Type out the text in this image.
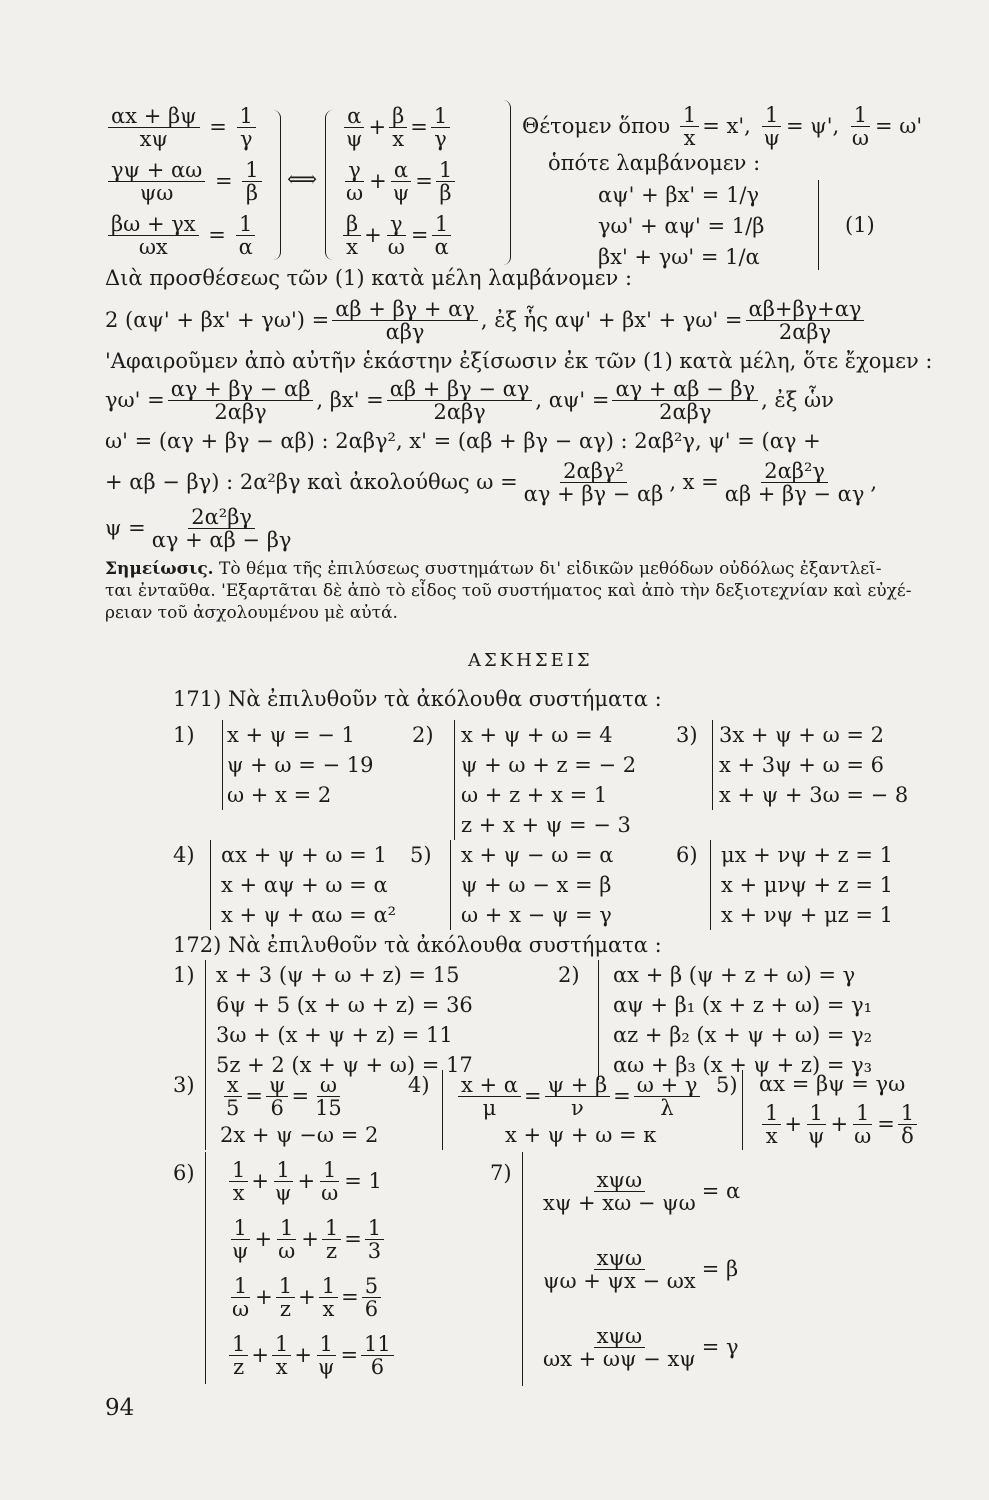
$\frac{\alpha x + \beta\psi}{x\psi} = \frac{1}{\gamma}$
$\frac{\gamma\psi + \alpha\omega}{\psi\omega} = \frac{1}{\beta}$
$\frac{\beta\omega + \gamma x}{\omega x} = \frac{1}{\alpha}$
⟺
$\frac{\alpha}{\psi} + \frac{\beta}{x} = \frac{1}{\gamma}$
$\frac{\gamma}{\omega} + \frac{\alpha}{\psi} = \frac{1}{\beta}$
$\frac{\beta}{x} + \frac{\gamma}{\omega} = \frac{1}{\alpha}$
Θέτομεν ὅπου
$\frac{1}{x} = x'$,
$\frac{1}{\psi} = \psi'$,
$\frac{1}{\omega} = \omega'$
ὁπότε λαμβάνομεν :
αψ' + βx' = 1/γ
γω' + αψ' = 1/β
βx' + γω' = 1/α
(1)
Διὰ προσθέσεως τῶν (1) κατὰ μέλη λαμβάνομεν :
2 $(\alpha\psi' + \beta x' + \gamma\omega') = \frac{\alpha\beta + \beta\gamma + \alpha\gamma}{\text{αβγ}}$ , ἐξ ἧς $\alpha\psi' + \beta x' + \gamma\omega' = \frac{\alpha\beta+\beta\gamma+\alpha\gamma}{\text{2αβγ}}$
'Αφαιροῦμεν ἀπὸ αὐτῆν ἑκάστην ἐξίσωσιν ἐκ τῶν (1) κατὰ μέλη, ὅτε ἔχομεν :
$\gamma\omega' = \frac{\alpha\gamma + \beta\gamma - \alpha\beta}{\text{2αβγ}}$ , $\beta x' = \frac{\alpha\beta + \beta\gamma - \alpha\gamma}{\text{2αβγ}}$ , $\alpha\psi' = \frac{\alpha\gamma + \alpha\beta - \beta\gamma}{\text{2αβγ}}$ , ἐξ ὧν
ω' = (αγ + βγ − αβ) : 2αβγ², x' = (αβ + βγ − αγ) : 2αβ²γ, ψ' = (αγ +
+ αβ − βγ) : 2α²βγ καὶ ἀκολούθως $\omega = \frac{\text{2αβγ²}}{\alpha\gamma + \beta\gamma - \alpha\beta}$ , $x = \frac{\text{2αβ²γ}}{\alpha\beta + \beta\gamma - \alpha\gamma}$ ,
$\psi = \frac{\text{2α²βγ}}{\alpha\gamma + \alpha\beta - \beta\gamma}$
Σημείωσις. Τὸ θέμα τῆς ἐπιλύσεως συστημάτων δι' εἰδικῶν μεθόδων οὐδόλως ἐξαντλεῖ-
ται ἐνταῦθα. 'Εξαρτᾶται δὲ ἀπὸ τὸ εἶδος τοῦ συστήματος καὶ ἀπὸ τὴν δεξιοτεχνίαν καὶ εὐχέ-
ρειαν τοῦ ἀσχολουμένου μὲ αὐτά.
ΑΣΚΗΣΕΙΣ
171) Νὰ ἐπιλυθοῦν τὰ ἀκόλουθα συστήματα :
1) x + ψ = − 1
ψ + ω = − 19
ω + x = 2
2) x + ψ + ω = 4
ψ + ω + z = − 2
ω + z + x = 1
z + x + ψ = − 3
3) 3x + ψ + ω = 2
x + 3ψ + ω = 6
x + ψ + 3ω = − 8
4) αx + ψ + ω = 1
x + αψ + ω = α
x + ψ + αω = α²
5) x + ψ − ω = α
ψ + ω − x = β
ω + x − ψ = γ
6) μx + νψ + z = 1
x + μνψ + z = 1
x + νψ + μz = 1
172) Νὰ ἐπιλυθοῦν τὰ ἀκόλουθα συστήματα :
1) x + 3 (ψ + ω + z) = 15
6ψ + 5 (x + ω + z) = 36
3ω + (x + ψ + z) = 11
5z + 2 (x + ψ + ω) = 17
2) αx + β (ψ + z + ω) = γ
αψ + β₁ (x + z + ω) = γ₁
αz + β₂ (x + ψ + ω) = γ₂
αω + β₃ (x + ψ + z) = γ₃
$3) \frac{x}{5} = \frac{\psi}{6} = \frac{\omega}{15}$
2x + ψ −ω = 2
$4) \frac{x + \alpha}{\mu} = \frac{\psi + \beta}{\nu} = \frac{\omega + \gamma}{\lambda}$
x + ψ + ω = κ
5) αx = βψ = γω
$\frac{1}{x} + \frac{1}{\psi} + \frac{1}{\omega} = \frac{1}{\delta}$
$6) \frac{1}{x} + \frac{1}{\psi} + \frac{1}{\omega} = 1$
$\frac{1}{\psi} + \frac{1}{\omega} + \frac{1}{z} = \frac{1}{3}$
$\frac{1}{\omega} + \frac{1}{z} + \frac{1}{x} = \frac{5}{6}$
$\frac{1}{z} + \frac{1}{x} + \frac{1}{\psi} = \frac{11}{6}$
$7) \frac{\text{xψω}}{x\psi + x\omega - \psi\omega} = \alpha$
$\frac{\text{xψω}}{\psi\omega + \psi x - \omega x} = \beta$
$\frac{\text{xψω}}{\omega x + \omega\psi - x\psi} = \gamma$
94
